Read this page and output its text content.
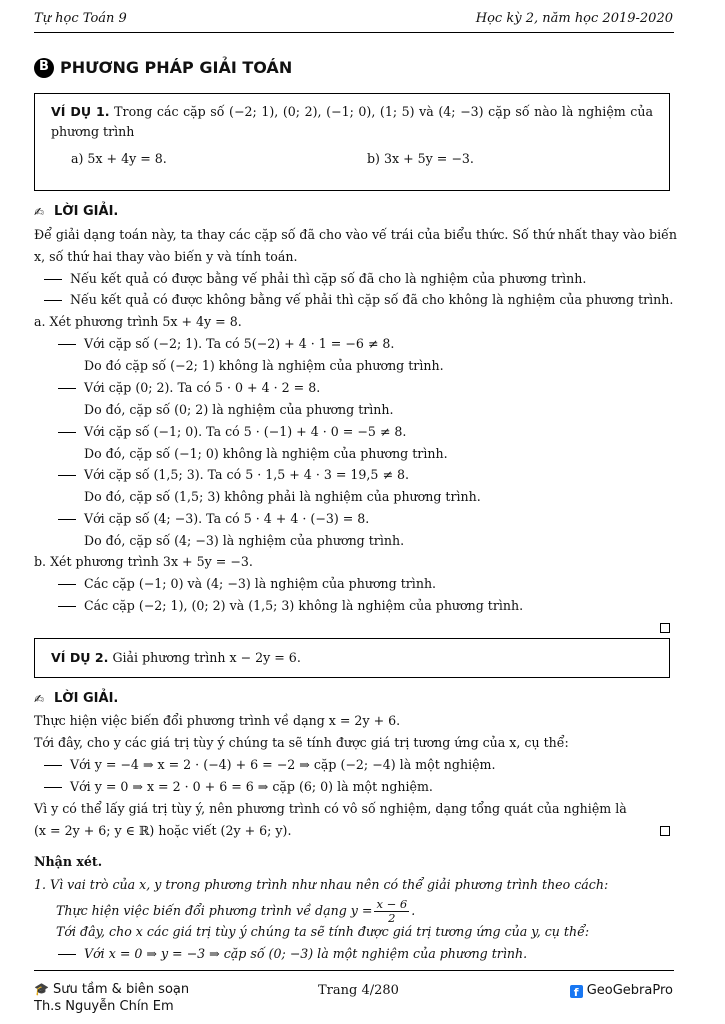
Tự học Toán 9	Học kỳ 2, năm học 2019-2020
B PHƯƠNG PHÁP GIẢI TOÁN
VÍ DỤ 1. Trong các cặp số (−2; 1), (0; 2), (−1; 0), (1; 5) và (4; −3) cặp số nào là nghiệm của phương trình
a) 5x + 4y = 8.	b) 3x + 5y = −3.
✍ LỜI GIẢI.
Để giải dạng toán này, ta thay các cặp số đã cho vào vế trái của biểu thức. Số thứ nhất thay vào biến
x, số thứ hai thay vào biến y và tính toán.
Nếu kết quả có được bằng vế phải thì cặp số đã cho là nghiệm của phương trình.
Nếu kết quả có được không bằng vế phải thì cặp số đã cho không là nghiệm của phương trình.
a. Xét phương trình 5x + 4y = 8.
Với cặp số (−2; 1). Ta có 5(−2) + 4 · 1 = −6 ≠ 8.
Do đó cặp số (−2; 1) không là nghiệm của phương trình.
Với cặp (0; 2). Ta có 5 · 0 + 4 · 2 = 8.
Do đó, cặp số (0; 2) là nghiệm của phương trình.
Với cặp số (−1; 0). Ta có 5 · (−1) + 4 · 0 = −5 ≠ 8.
Do đó, cặp số (−1; 0) không là nghiệm của phương trình.
Với cặp số (1,5; 3). Ta có 5 · 1,5 + 4 · 3 = 19,5 ≠ 8.
Do đó, cặp số (1,5; 3) không phải là nghiệm của phương trình.
Với cặp số (4; −3). Ta có 5 · 4 + 4 · (−3) = 8.
Do đó, cặp số (4; −3) là nghiệm của phương trình.
b. Xét phương trình 3x + 5y = −3.
Các cặp (−1; 0) và (4; −3) là nghiệm của phương trình.
Các cặp (−2; 1), (0; 2) và (1,5; 3) không là nghiệm của phương trình.
VÍ DỤ 2. Giải phương trình x − 2y = 6.
✍ LỜI GIẢI.
Thực hiện việc biến đổi phương trình về dạng x = 2y + 6.
Tới đây, cho y các giá trị tùy ý chúng ta sẽ tính được giá trị tương ứng của x, cụ thể:
Với y = −4 ⇒ x = 2 · (−4) + 6 = −2 ⇒ cặp (−2; −4) là một nghiệm.
Với y = 0 ⇒ x = 2 · 0 + 6 = 6 ⇒ cặp (6; 0) là một nghiệm.
Vì y có thể lấy giá trị tùy ý, nên phương trình có vô số nghiệm, dạng tổng quát của nghiệm là
(x = 2y + 6; y ∈ ℝ) hoặc viết (2y + 6; y).
Nhận xét.
1. Vì vai trò của x, y trong phương trình như nhau nên có thể giải phương trình theo cách:
Thực hiện việc biến đổi phương trình về dạng $y = \frac{x - 6}{2}$ .
Tới đây, cho x các giá trị tùy ý chúng ta sẽ tính được giá trị tương ứng của y, cụ thể:
Với x = 0 ⇒ y = −3 ⇒ cặp số (0; −3) là một nghiệm của phương trình.
🎓 Sưu tầm & biên soạn
Th.s Nguyễn Chín Em
Trang 4/280	f GeoGebraPro
